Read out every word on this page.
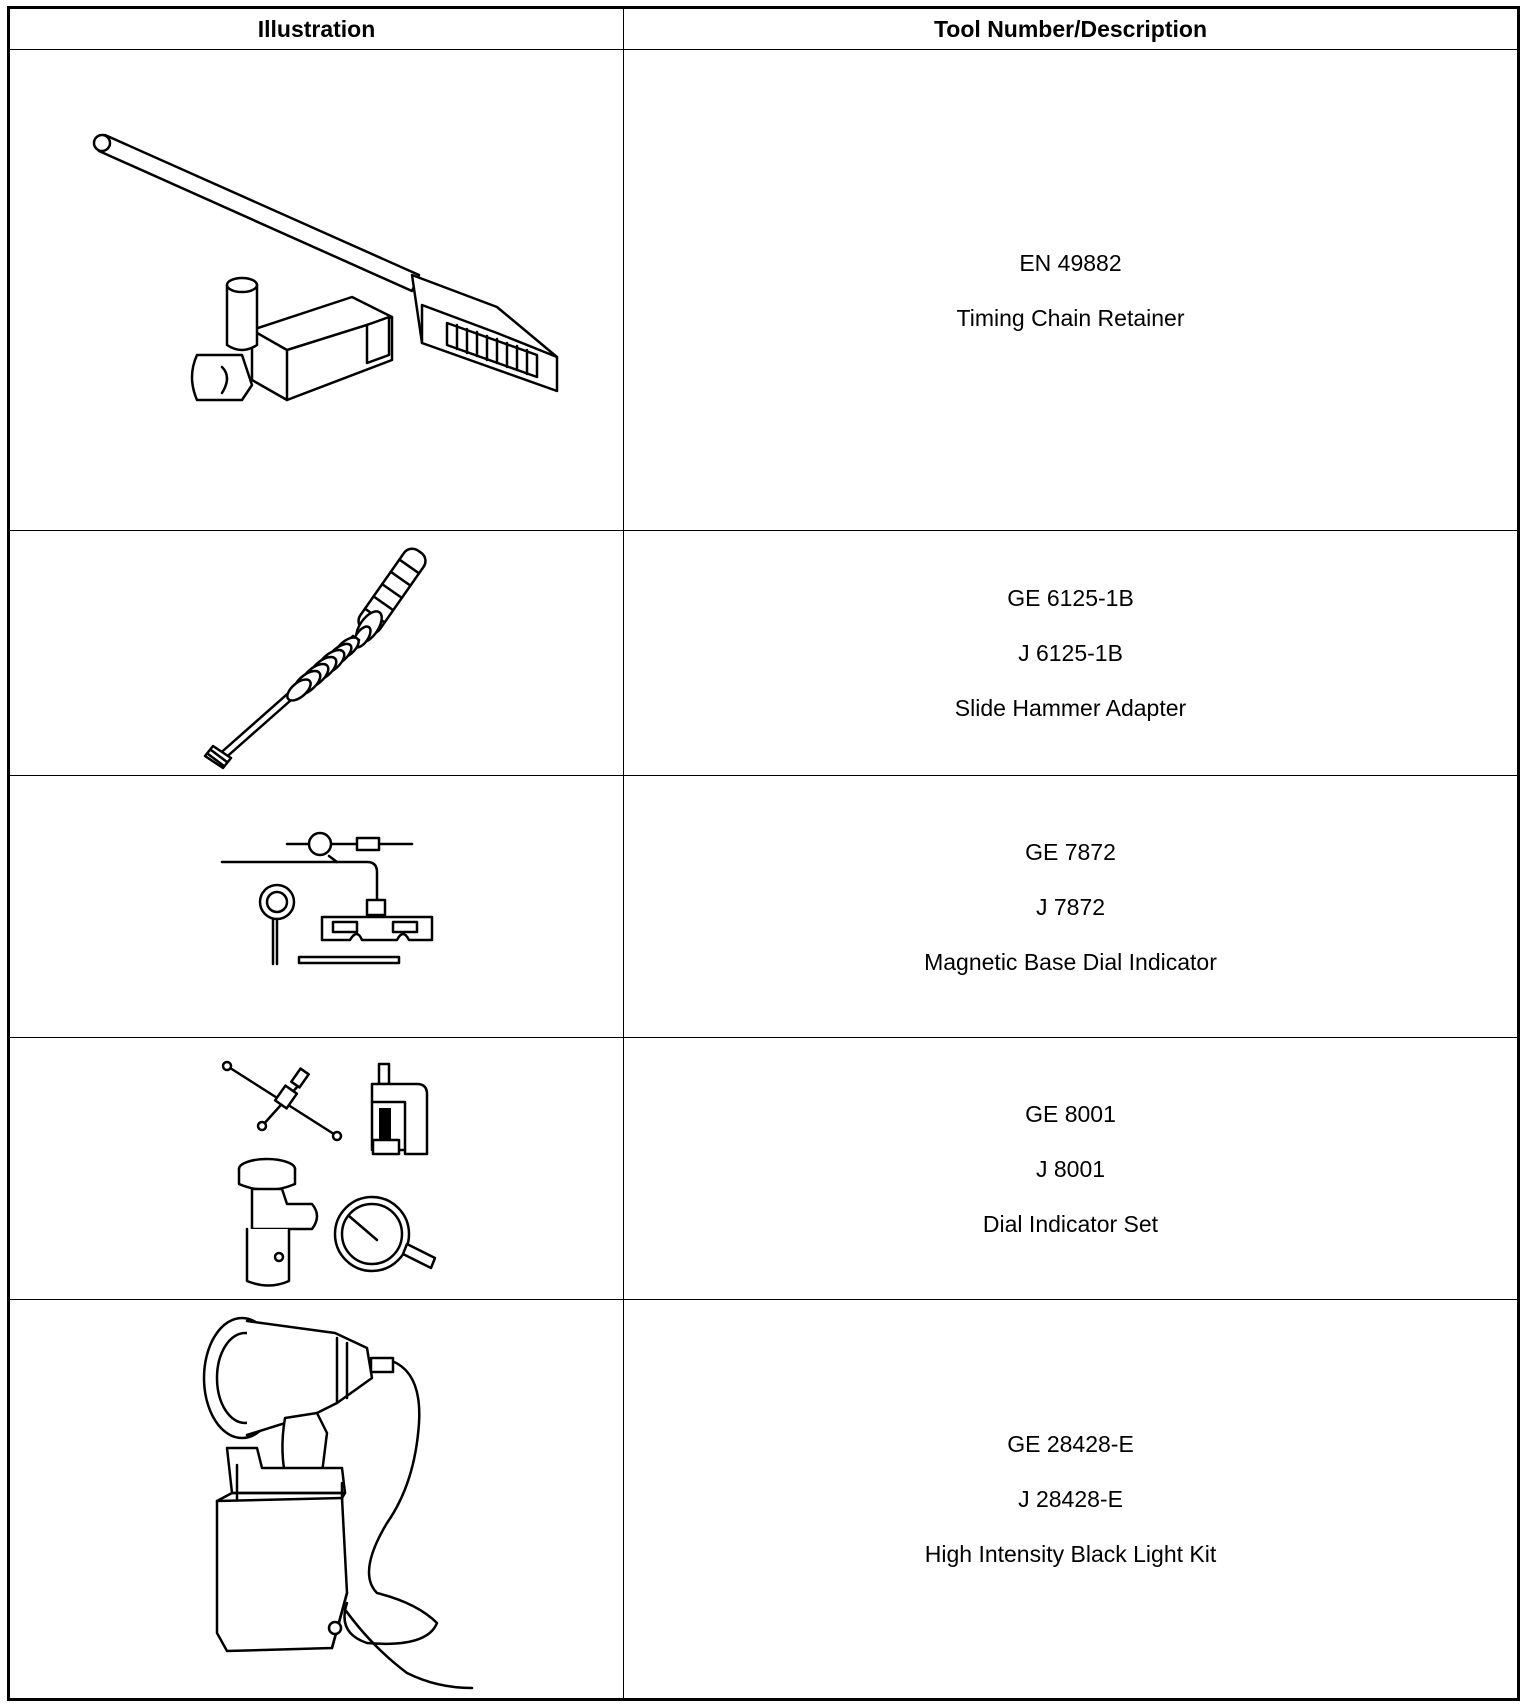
Illustration	Tool Number/Description

EN 49882
Timing Chain Retainer

GE 6125-1B
J 6125-1B
Slide Hammer Adapter

GE 7872
J 7872
Magnetic Base Dial Indicator

GE 8001
J 8001
Dial Indicator Set

GE 28428-E
J 28428-E
High Intensity Black Light Kit
